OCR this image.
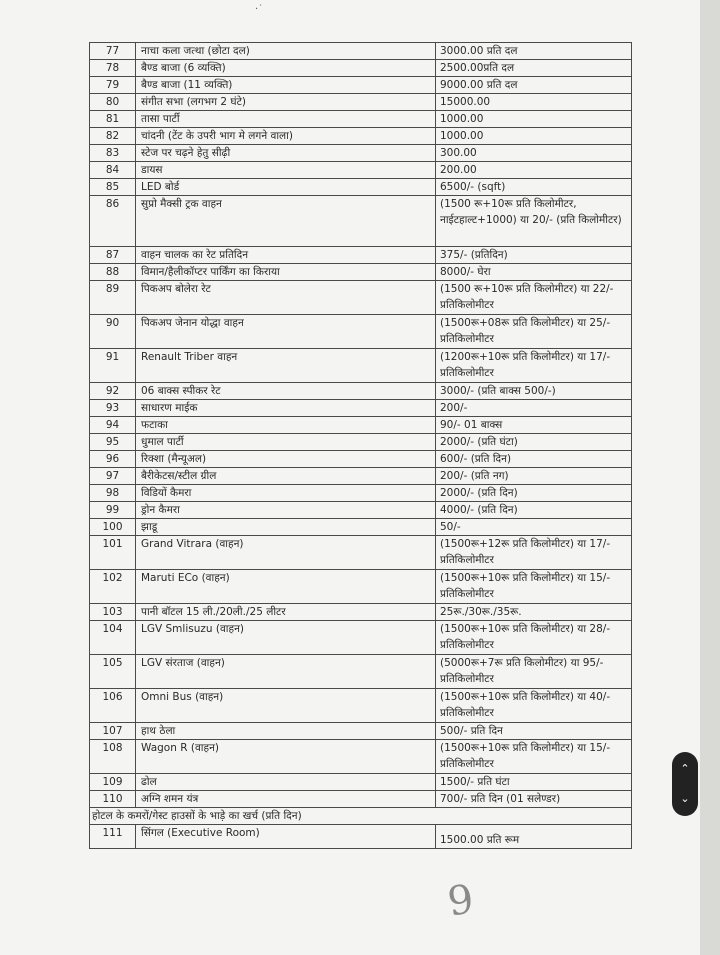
·˙
77	नाचा कला जत्था (छोटा दल)	3000.00 प्रति दल
78	बैण्ड बाजा (6 व्यक्ति)	2500.00प्रति दल
79	बैण्ड बाजा (11 व्यक्ति)	9000.00 प्रति दल
80	संगीत सभा (लगभग 2 घंटे)	15000.00
81	तासा पार्टी	1000.00
82	चांदनी (टेंट के उपरी भाग मे लगने वाला)	1000.00
83	स्टेज पर चढ़ने हेतु सीढ़ी	300.00
84	डायस	200.00
85	LED बोर्ड	6500/- (sqft)
86	सुप्रो मैक्सी ट्रक वाहन	(1500 रू+10रू प्रति किलोमीटर, नाईटहाल्ट+1000) या 20/- (प्रति किलोमीटर)
87	वाहन चालक का रेट प्रतिदिन	375/- (प्रतिदिन)
88	विमान/हैलीकॉप्टर पार्किंग का किराया	8000/- घेरा
89	पिकअप बोलेरा रेट	(1500 रू+10रू प्रति किलोमीटर) या 22/- प्रतिकिलोमीटर
90	पिकअप जेनान योद्धा वाहन	(1500रू+08रू प्रति किलोमीटर) या 25/- प्रतिकिलोमीटर
91	Renault Triber वाहन	(1200रू+10रू प्रति किलोमीटर) या 17/- प्रतिकिलोमीटर
92	06 बाक्स स्पीकर रेट	3000/- (प्रति बाक्स 500/-)
93	साधारण माईक	200/-
94	फटाका	90/- 01 बाक्स
95	धुमाल पार्टी	2000/- (प्रति घंटा)
96	रिक्शा (मैन्यूअल)	600/- (प्रति दिन)
97	बैरीकेटस/स्टील ग्रील	200/- (प्रति नग)
98	विडियों कैमरा	2000/- (प्रति दिन)
99	ड्रोन कैमरा	4000/- (प्रति दिन)
100	झाडू	50/-
101	Grand Vitrara (वाहन)	(1500रू+12रू प्रति किलोमीटर) या 17/- प्रतिकिलोमीटर
102	Maruti ECo (वाहन)	(1500रू+10रू प्रति किलोमीटर) या 15/- प्रतिकिलोमीटर
103	पानी बॉटल 15 ली./20ली./25 लीटर	25रू./30रू./35रू.
104	LGV Smlisuzu (वाहन)	(1500रू+10रू प्रति किलोमीटर) या 28/- प्रतिकिलोमीटर
105	LGV संरताज (वाहन)	(5000रू+7रू प्रति किलोमीटर) या 95/- प्रतिकिलोमीटर
106	Omni Bus (वाहन)	(1500रू+10रू प्रति किलोमीटर) या 40/- प्रतिकिलोमीटर
107	हाथ ठेला	500/- प्रति दिन
108	Wagon R (वाहन)	(1500रू+10रू प्रति किलोमीटर) या 15/- प्रतिकिलोमीटर
109	ढोल	1500/- प्रति घंटा
110	अग्नि शमन यंत्र	700/- प्रति दिन (01 सलेण्डर)
होटल के कमरों/गेस्ट हाउसों के भाड़े का खर्च (प्रति दिन)		
111	सिंगल (Executive Room)	1500.00 प्रति रूम
9
⌃
⌄
